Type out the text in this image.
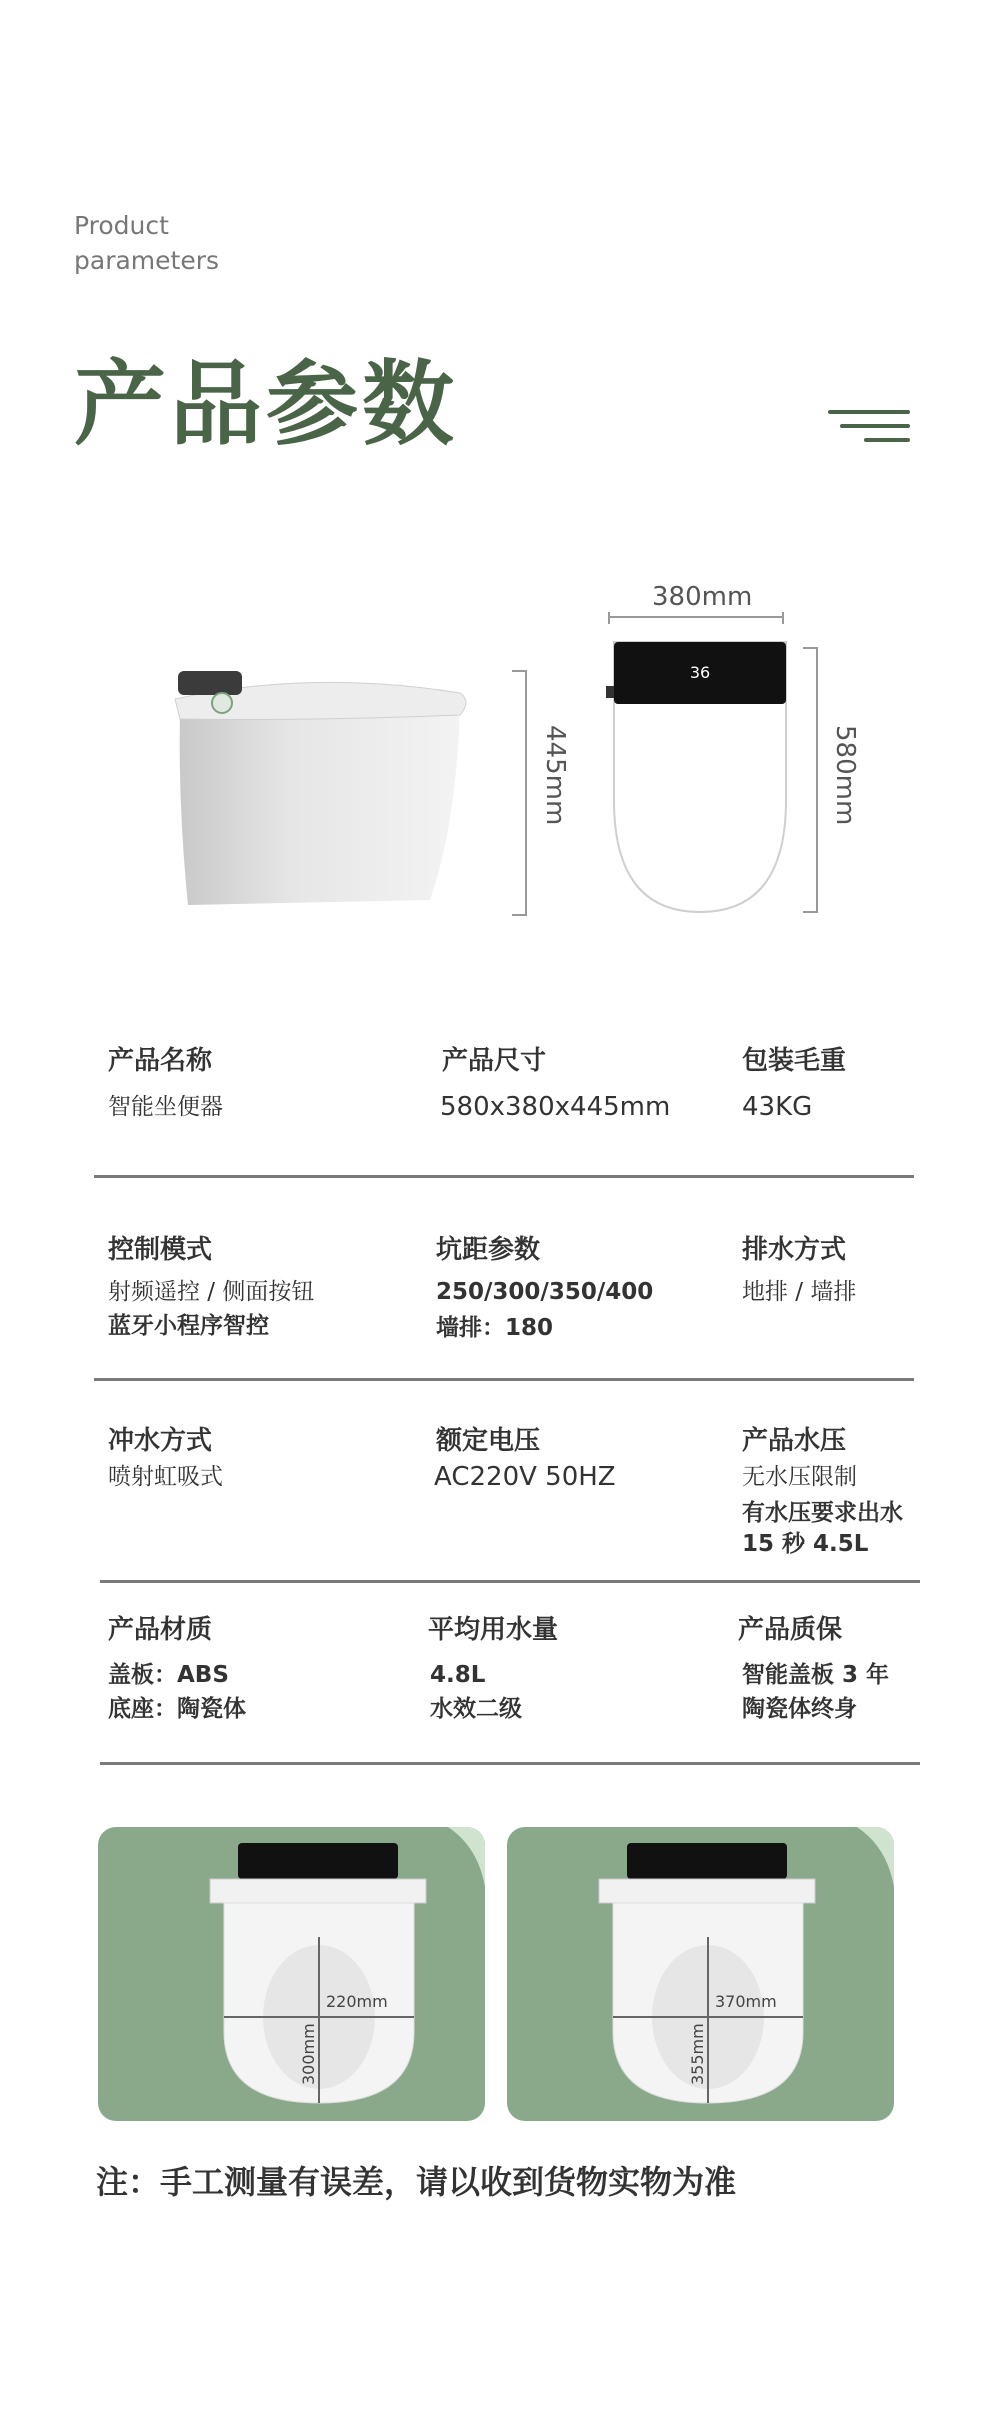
Product
parameters
产品参数
445mm
380mm
36
580mm
产品名称
智能坐便器
产品尺寸
580x380x445mm
包装毛重
43KG
控制模式
射频遥控 / 侧面按钮
蓝牙小程序智控
坑距参数
250/300/350/400
墙排：180
排水方式
地排 / 墙排
冲水方式
喷射虹吸式
额定电压
AC220V 50HZ
产品水压
无水压限制
有水压要求出水
15 秒 4.5L
产品材质
盖板：ABS
底座：陶瓷体
平均用水量
4.8L
水效二级
产品质保
智能盖板 3 年
陶瓷体终身
220mm
300mm
370mm
355mm
注：手工测量有误差，请以收到货物实物为准
